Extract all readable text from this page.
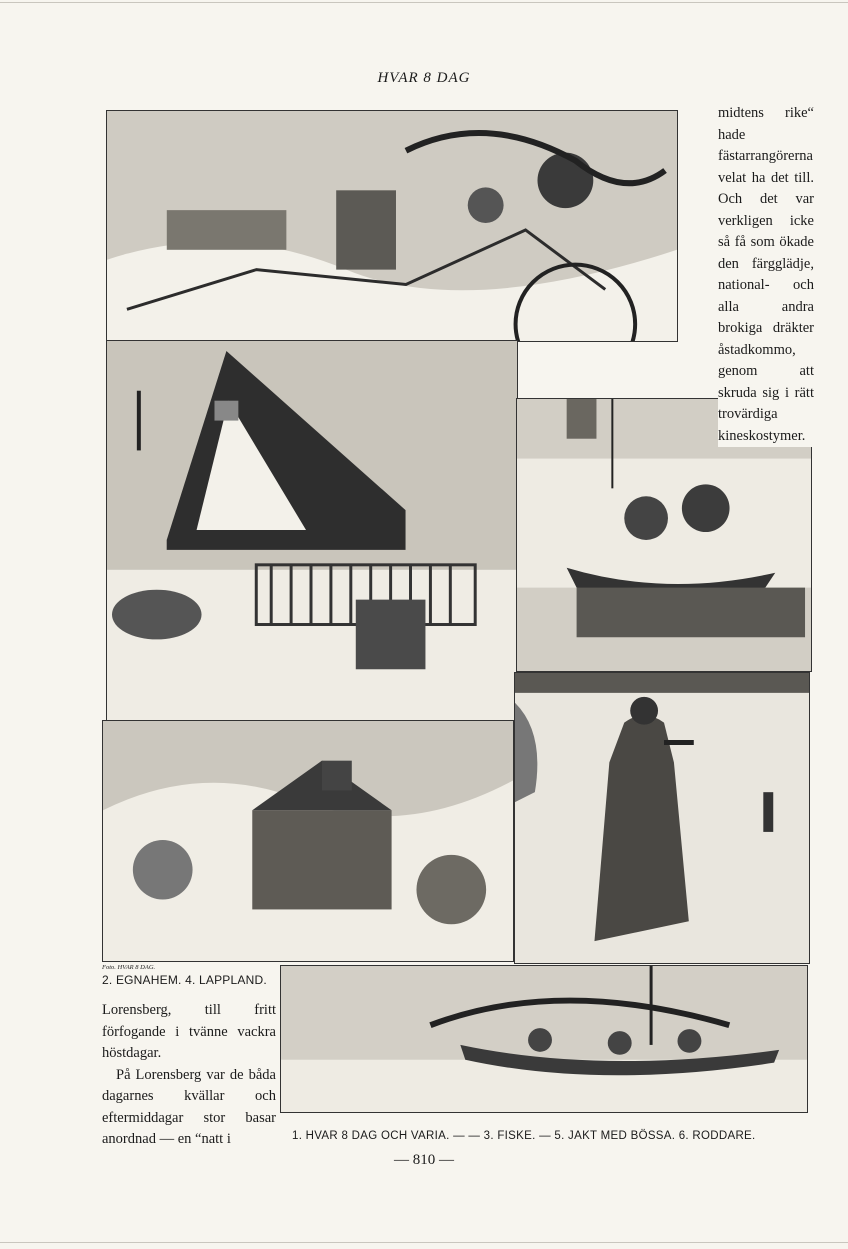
HVAR 8 DAG

midtens rike“ hade fästarrangörerna velat ha det till. Och det var verkligen icke så få som ökade den färgglädje, national- och alla andra brokiga dräkter åstadkommo, genom att skruda sig i rätt trovärdiga kineskostymer.

Foto. HVAR 8 DAG.
2. EGNAHEM. 4. LAPPLAND.

Lorensberg, till fritt förfogande i tvänne vackra höstdagar.

På Lorensberg var de båda dagarnes kvällar och eftermiddagar stor basar anordnad — en “natt i	1. HVAR 8 DAG OCH VARIA. — — 3. FISKE. — 5. JAKT MED BÖSSA. 6. RODDARE.
— 810 —
